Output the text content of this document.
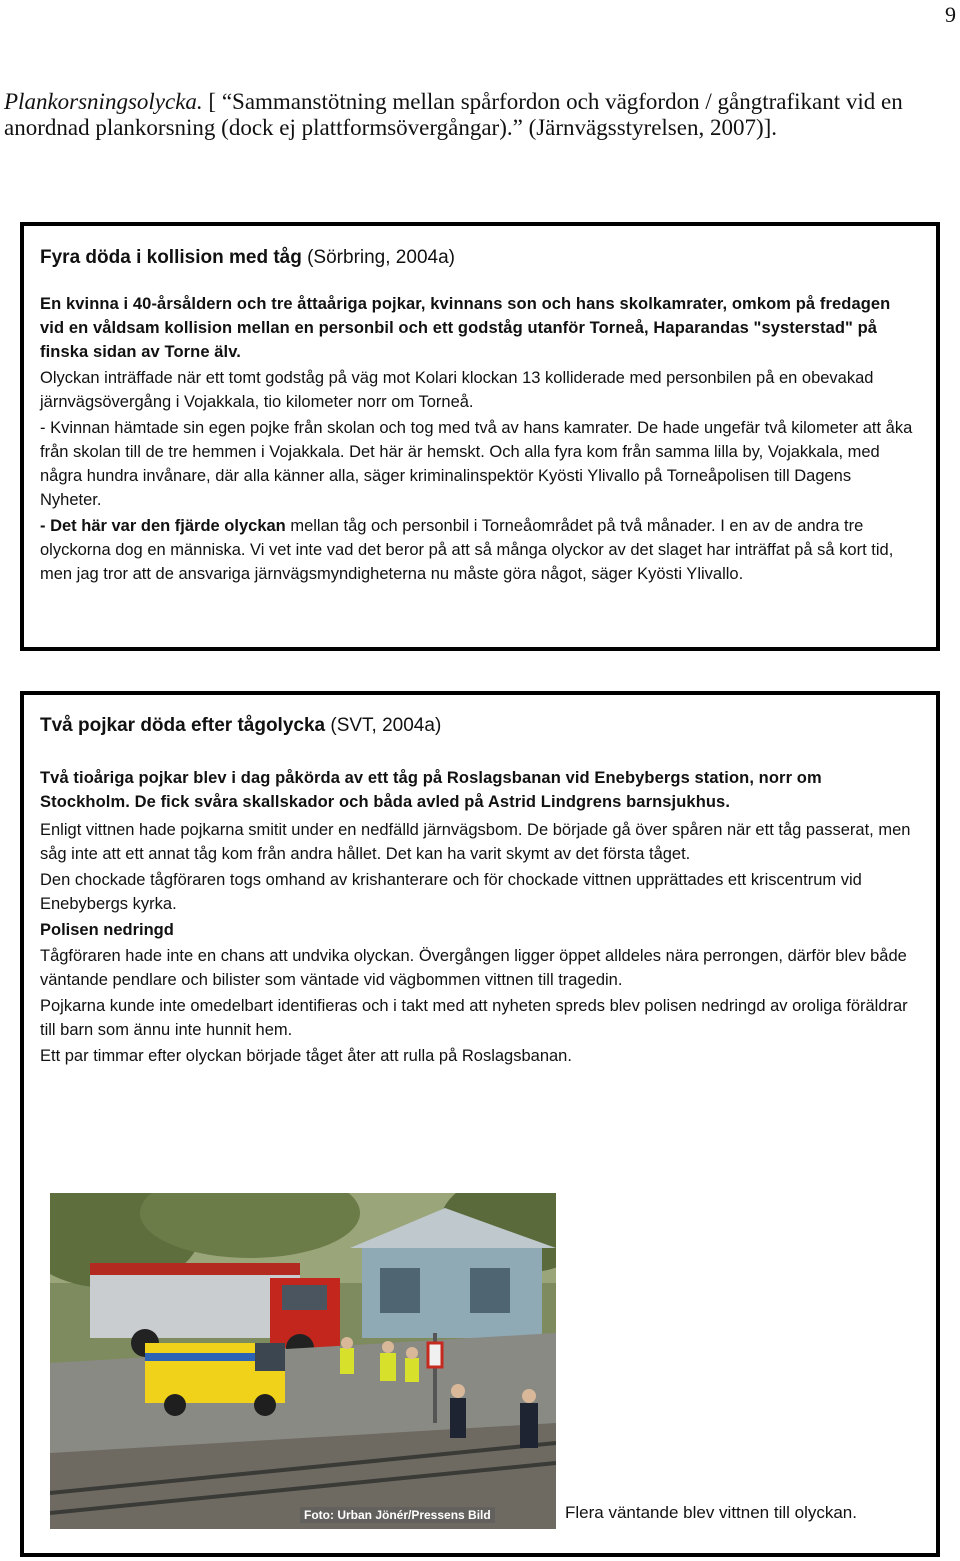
9

Plankorsningsolycka. [ “Sammanstötning mellan spårfordon och vägfordon / gångtrafikant vid en anordnad plankorsning (dock ej plattformsövergångar).” (Järnvägsstyrelsen, 2007)].

Fyra döda i kollision med tåg (Sörbring, 2004a)

En kvinna i 40-årsåldern och tre åttaåriga pojkar, kvinnans son och hans skolkamrater, omkom på fredagen vid en våldsam kollision mellan en personbil och ett godståg utanför Torneå, Haparandas "systerstad" på finska sidan av Torne älv.

Olyckan inträffade när ett tomt godståg på väg mot Kolari klockan 13 kolliderade med personbilen på en obevakad järnvägsövergång i Vojakkala, tio kilometer norr om Torneå.

- Kvinnan hämtade sin egen pojke från skolan och tog med två av hans kamrater. De hade ungefär två kilometer att åka från skolan till de tre hemmen i Vojakkala. Det här är hemskt. Och alla fyra kom från samma lilla by, Vojakkala, med några hundra invånare, där alla känner alla, säger kriminalinspektör Kyösti Ylivallo på Torneåpolisen till Dagens Nyheter.

- Det här var den fjärde olyckan mellan tåg och personbil i Torneåområdet på två månader. I en av de andra tre olyckorna dog en människa. Vi vet inte vad det beror på att så många olyckor av det slaget har inträffat på så kort tid, men jag tror att de ansvariga järnvägsmyndigheterna nu måste göra något, säger Kyösti Ylivallo.

Två pojkar döda efter tågolycka (SVT, 2004a)

Två tioåriga pojkar blev i dag påkörda av ett tåg på Roslagsbanan vid Enebybergs station, norr om Stockholm. De fick svåra skallskador och båda avled på Astrid Lindgrens barnsjukhus.

Enligt vittnen hade pojkarna smitit under en nedfälld järnvägsbom. De började gå över spåren när ett tåg passerat, men såg inte att ett annat tåg kom från andra hållet. Det kan ha varit skymt av det första tåget.

Den chockade tågföraren togs omhand av krishanterare och för chockade vittnen upprättades ett kriscentrum vid Enebybergs kyrka.

Polisen nedringd

Tågföraren hade inte en chans att undvika olyckan. Övergången ligger öppet alldeles nära perrongen, därför blev både väntande pendlare och bilister som väntade vid vägbommen vittnen till tragedin.

Pojkarna kunde inte omedelbart identifieras och i takt med att nyheten spreds blev polisen nedringd av oroliga föräldrar till barn som ännu inte hunnit hem.

Ett par timmar efter olyckan började tåget åter att rulla på Roslagsbanan.

Foto: Urban Jönér/Pressens Bild	Flera väntande blev vittnen till olyckan.
